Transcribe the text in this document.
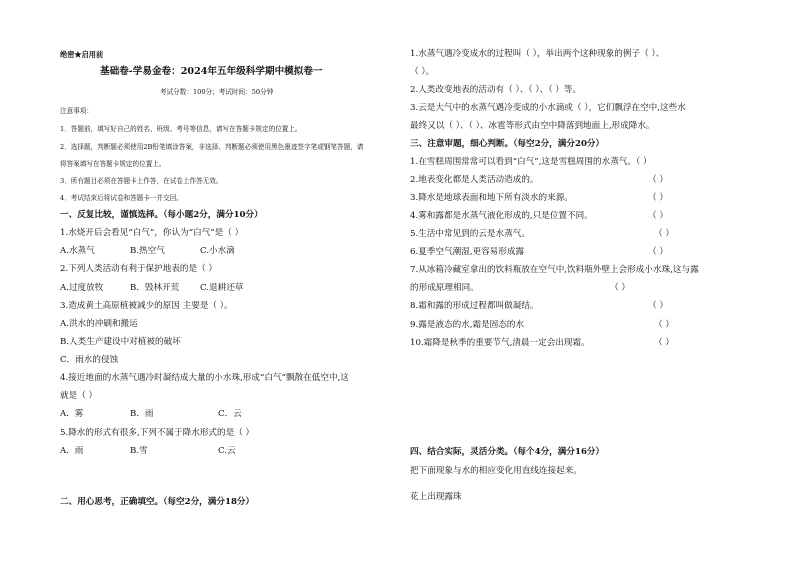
绝密★启用前
基础卷-学易金卷：2024年五年级科学期中模拟卷一
考试分数：100分；考试时间：50分钟
注意事项：
1．答题前，填写好自己的姓名、班级、考号等信息，请写在答题卡规定的位置上。
2．选择题，判断题必须使用2B铅笔填涂答案，非选择、判断题必须使用黑色墨迹签字笔或钢笔答题，请
将答案填写在答题卡规定的位置上。
3．所有题目必须在答题卡上作答，在试卷上作答无效。
4．考试结束后将试卷和答题卡一并交回。
一、反复比较，谨慎选择。（每小题2分，满分10分）
1.水烧开后会看见“白气”，你认为“白气”是（ ）
A.水蒸气	B.热空气	C.小水滴
2.下列人类活动有利于保护地表的是（ ）
A.过度放牧	B．毁林开荒 C.退耕还草
3.造成黄土高原植被减少的原因 主要是（ ）。
A.洪水的冲刷和搬运
B.人类生产建设中对植被的破坏
C．雨水的侵蚀
4.接近地面的水蒸气遇冷时凝结成大量的小水珠,形成“白气”飘散在低空中,这
就是（ ）
A．雾	B．雨	C．云
5.降水的形式有很多,下列不属于降水形式的是（ ）
A．雨	B.雪	C.云
二、用心思考，正确填空。（每空2分，满分18分）
1.水蒸气遇冷变成水的过程叫（ ），举出两个这种现象的例子（ ）、
（ ）。
2.人类改变地表的活动有（ ）、（ ）、（ ）等。
3.云是大气中的水蒸气遇冷变成的小水滴或（ ），它们飘浮在空中,这些水
最终又以（ ）、（ ）、冰雹等形式由空中降落到地面上,形成降水。
三、注意审题，细心判断。（每空2分，满分20分）
1.在雪糕周围常常可以看到“白气”,这是雪糕周围的水蒸气。（ ）
2.地表变化都是人类活动造成的。	（ ）
3.降水是地球表面和地下所有淡水的来源。	（ ）
4.雾和露都是水蒸气液化形成的,只是位置不同。	（ ）
5.生活中常见到的云是水蒸气。	（ ）
6.夏季空气潮湿,更容易形成露	（ ）
7.从冰箱冷藏室拿出的饮料瓶放在空气中,饮料瓶外壁上会形成小水珠,这与露
的形成原理相同。	（ ）
8.霜和露的形成过程都叫做凝结。	（ ）
9.露是液态的水,霜是固态的水	（ ）
10.霜降是秋季的重要节气,清晨一定会出现霜。	（ ）
四、结合实际，灵活分类。（每个4分，满分16分）
把下面现象与水的相应变化用直线连接起来。
花上出现露珠
